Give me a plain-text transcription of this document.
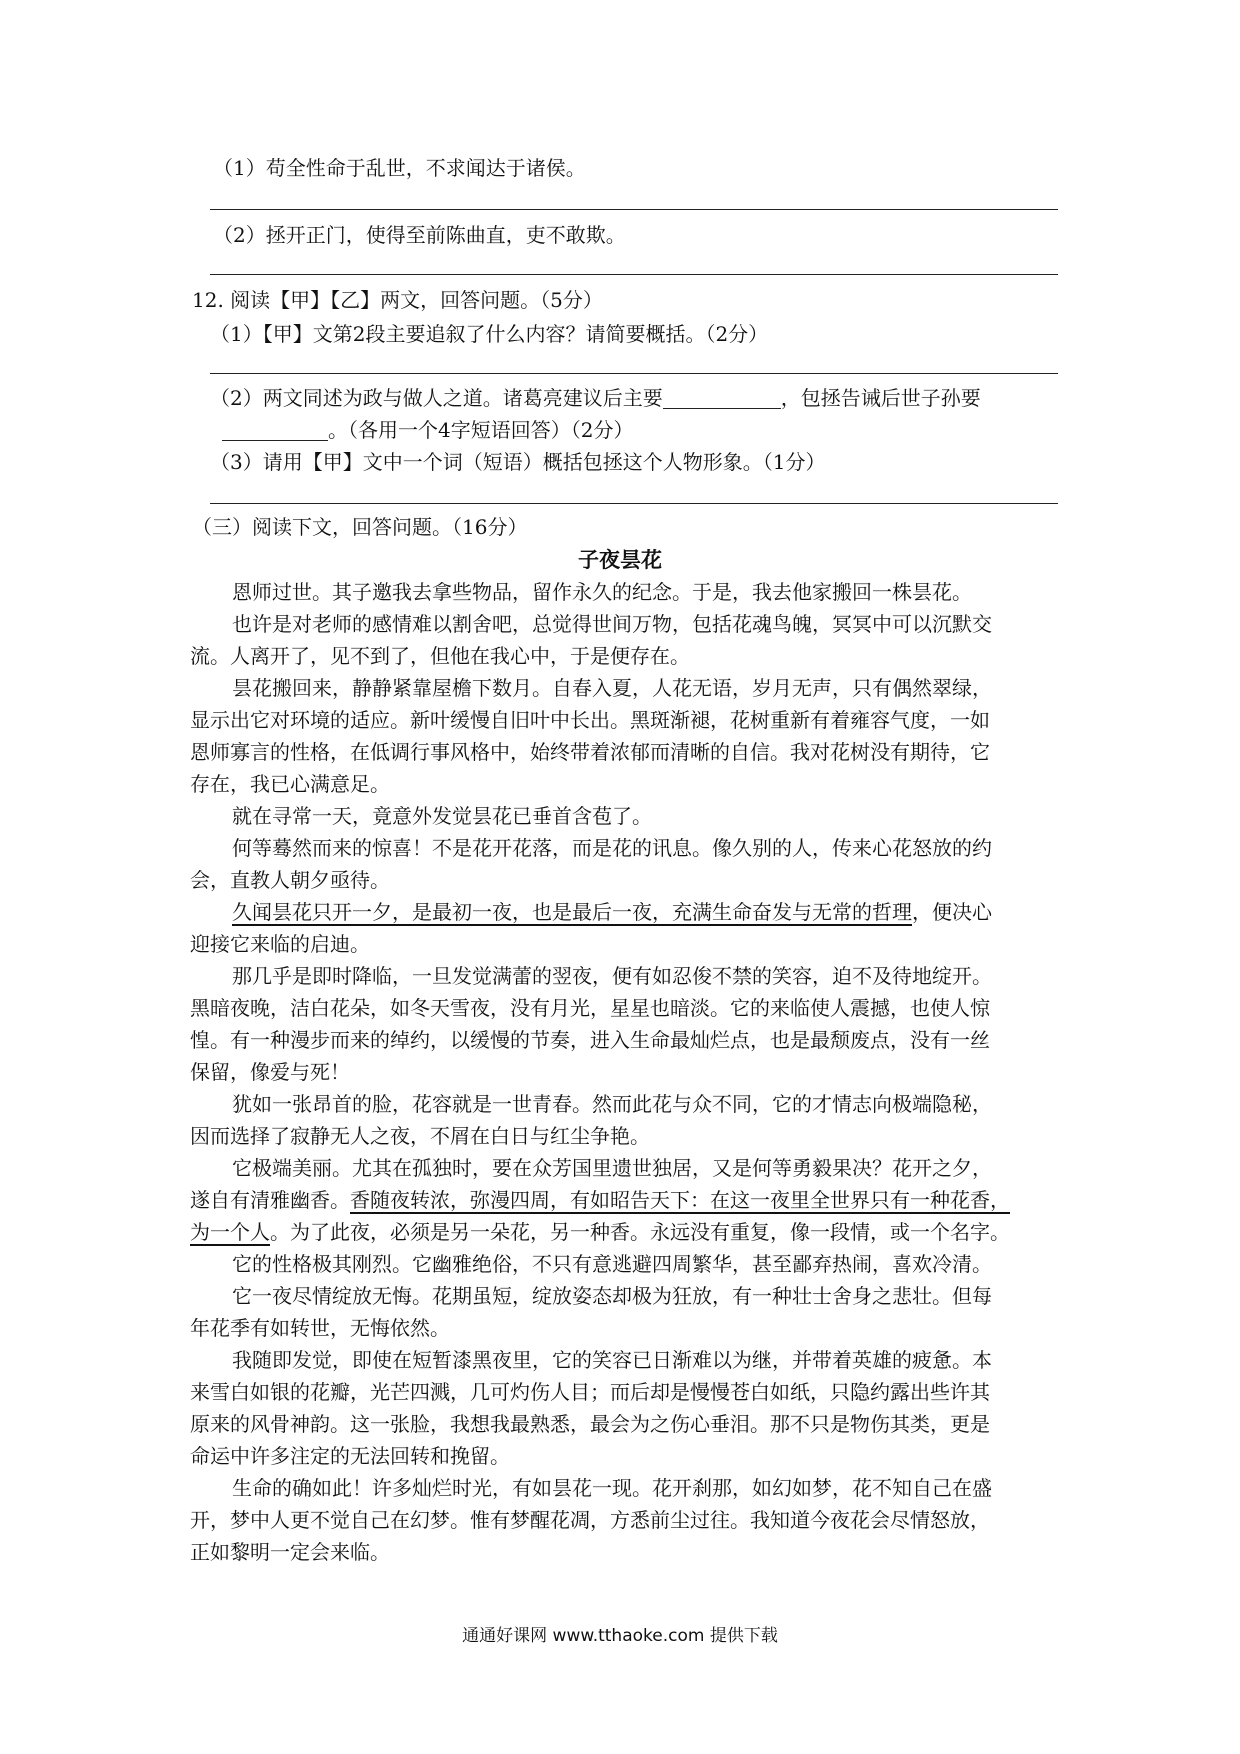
（1）苟全性命于乱世，不求闻达于诸侯。
（2）拯开正门，使得至前陈曲直，吏不敢欺。
12. 阅读【甲】【乙】两文，回答问题。（5分）
（1）【甲】文第2段主要追叙了什么内容？请简要概括。（2分）
（2）两文同述为政与做人之道。诸葛亮建议后主要	，包拯告诫后世子孙要
。（各用一个4字短语回答）（2分）
（3）请用【甲】文中一个词（短语）概括包拯这个人物形象。（1分）
（三）阅读下文，回答问题。（16分）
子夜昙花
恩师过世。其子邀我去拿些物品，留作永久的纪念。于是，我去他家搬回一株昙花。
也许是对老师的感情难以割舍吧，总觉得世间万物，包括花魂鸟魄，冥冥中可以沉默交
流。人离开了，见不到了，但他在我心中，于是便存在。
昙花搬回来，静静紧靠屋檐下数月。自春入夏，人花无语，岁月无声，只有偶然翠绿，
显示出它对环境的适应。新叶缓慢自旧叶中长出。黑斑渐褪，花树重新有着雍容气度，一如
恩师寡言的性格，在低调行事风格中，始终带着浓郁而清晰的自信。我对花树没有期待，它
存在，我已心满意足。
就在寻常一天，竟意外发觉昙花已垂首含苞了。
何等蓦然而来的惊喜！不是花开花落，而是花的讯息。像久别的人，传来心花怒放的约
会，直教人朝夕亟待。
久闻昙花只开一夕，是最初一夜，也是最后一夜，充满生命奋发与无常的哲理，便决心
迎接它来临的启迪。
那几乎是即时降临，一旦发觉满蕾的翌夜，便有如忍俊不禁的笑容，迫不及待地绽开。
黑暗夜晚，洁白花朵，如冬天雪夜，没有月光，星星也暗淡。它的来临使人震撼，也使人惊
惶。有一种漫步而来的绰约，以缓慢的节奏，进入生命最灿烂点，也是最颓废点，没有一丝
保留，像爱与死！
犹如一张昂首的脸，花容就是一世青春。然而此花与众不同，它的才情志向极端隐秘，
因而选择了寂静无人之夜，不屑在白日与红尘争艳。
它极端美丽。尤其在孤独时，要在众芳国里遗世独居，又是何等勇毅果决？花开之夕，
遂自有清雅幽香。香随夜转浓，弥漫四周，有如昭告天下：在这一夜里全世界只有一种花香，
为一个人。为了此夜，必须是另一朵花，另一种香。永远没有重复，像一段情，或一个名字。
它的性格极其刚烈。它幽雅绝俗，不只有意逃避四周繁华，甚至鄙弃热闹，喜欢冷清。
它一夜尽情绽放无悔。花期虽短，绽放姿态却极为狂放，有一种壮士舍身之悲壮。但每
年花季有如转世，无悔依然。
我随即发觉，即使在短暂漆黑夜里，它的笑容已日渐难以为继，并带着英雄的疲惫。本
来雪白如银的花瓣，光芒四溅，几可灼伤人目；而后却是慢慢苍白如纸，只隐约露出些许其
原来的风骨神韵。这一张脸，我想我最熟悉，最会为之伤心垂泪。那不只是物伤其类，更是
命运中许多注定的无法回转和挽留。
生命的确如此！许多灿烂时光，有如昙花一现。花开刹那，如幻如梦，花不知自己在盛
开，梦中人更不觉自己在幻梦。惟有梦醒花凋，方悉前尘过往。我知道今夜花会尽情怒放，
正如黎明一定会来临。
通通好课网 www.tthaoke.com 提供下载
